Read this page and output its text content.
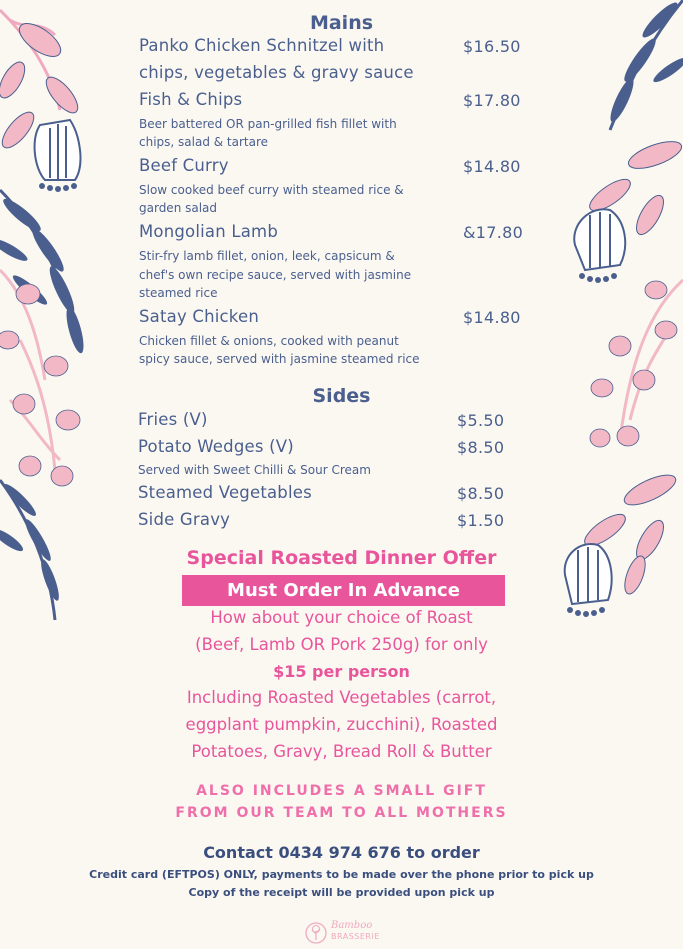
Mains
Panko Chicken Schnitzel with	$16.50
chips, vegetables & gravy sauce
Fish & Chips	$17.80
Beer battered OR pan-grilled fish fillet with
chips, salad & tartare
Beef Curry	$14.80
Slow cooked beef curry with steamed rice &
garden salad
Mongolian Lamb	&17.80
Stir-fry lamb fillet, onion, leek, capsicum &
chef's own recipe sauce, served with jasmine
steamed rice
Satay Chicken	$14.80
Chicken fillet & onions, cooked with peanut
spicy sauce, served with jasmine steamed rice
Sides
Fries (V)	$5.50
Potato Wedges (V)	$8.50
Served with Sweet Chilli & Sour Cream
Steamed Vegetables	$8.50
Side Gravy	$1.50
Special Roasted Dinner Offer
Must Order In Advance
How about your choice of Roast
(Beef, Lamb OR Pork 250g) for only
$15 per person
Including Roasted Vegetables (carrot,
eggplant pumpkin, zucchini), Roasted
Potatoes, Gravy, Bread Roll & Butter
ALSO INCLUDES A SMALL GIFT
FROM OUR TEAM TO ALL MOTHERS
Contact 0434 974 676 to order
Credit card (EFTPOS) ONLY, payments to be made over the phone prior to pick up
Copy of the receipt will be provided upon pick up
Bamboo
BRASSERIE
